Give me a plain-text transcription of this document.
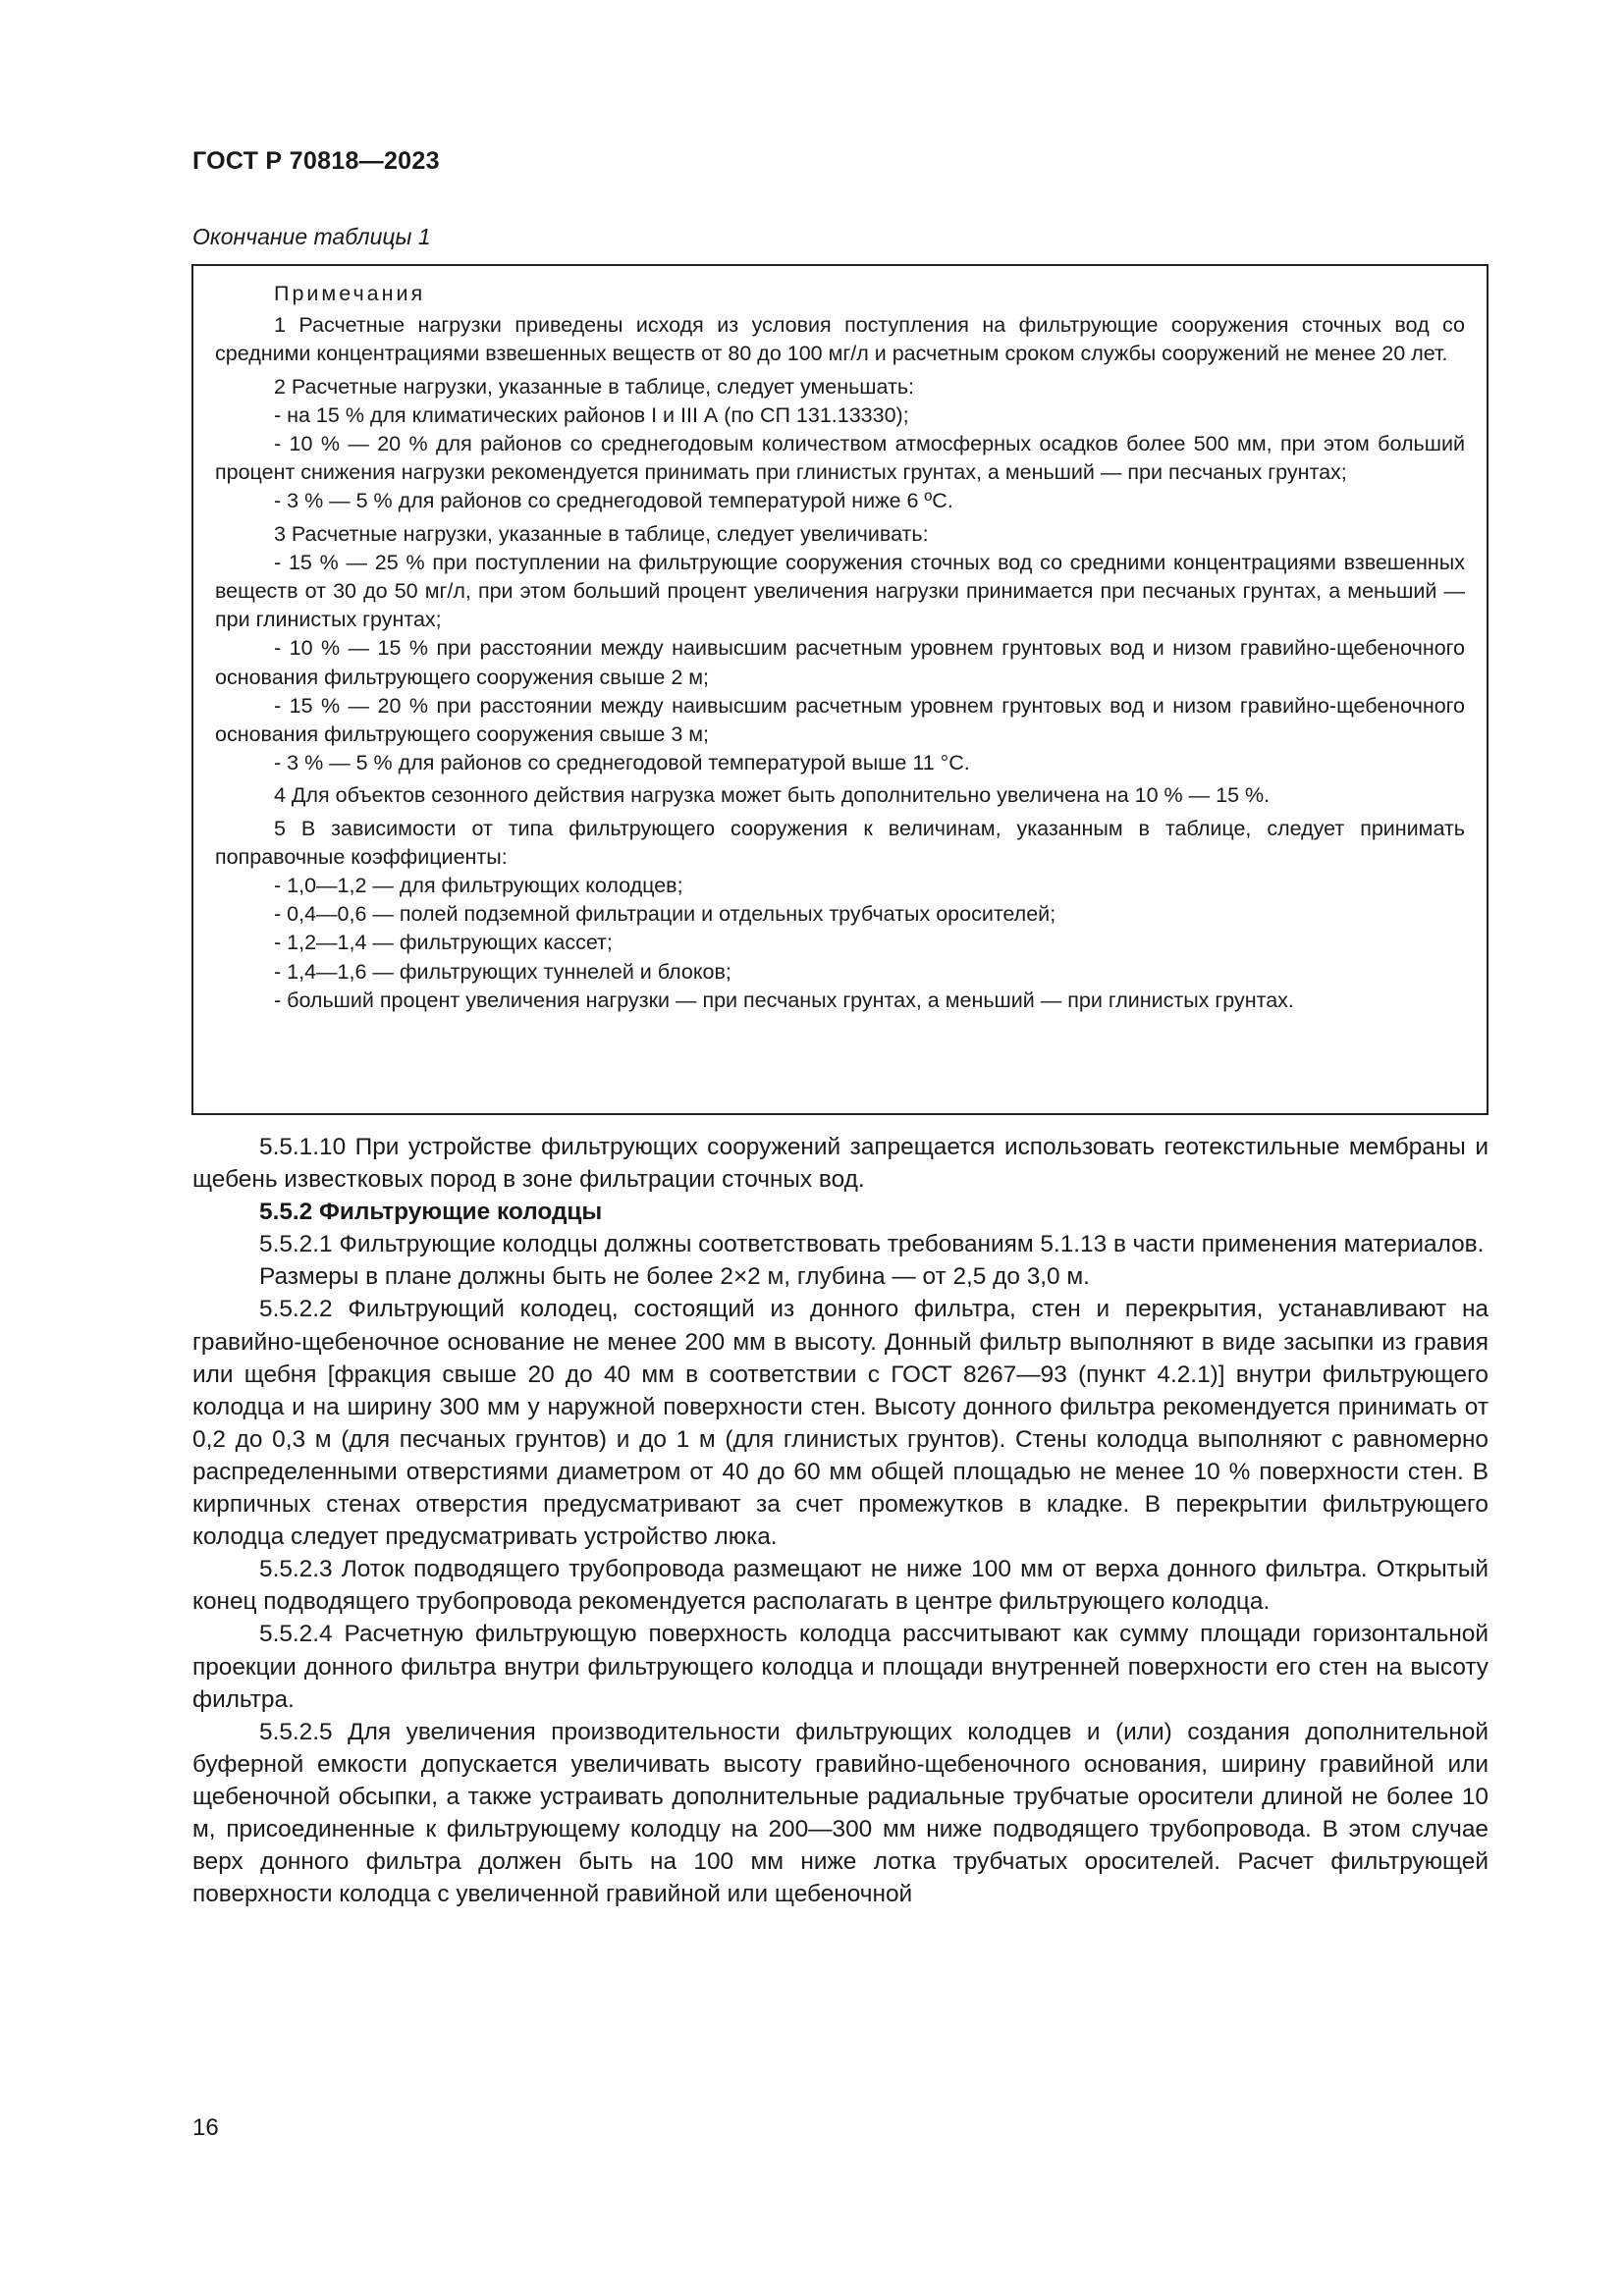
ГОСТ Р 70818—2023
Окончание таблицы 1
Примечания

1 Расчетные нагрузки приведены исходя из условия поступления на фильтрующие сооружения сточных вод со средними концентрациями взвешенных веществ от 80 до 100 мг/л и расчетным сроком службы сооружений не менее 20 лет.

2 Расчетные нагрузки, указанные в таблице, следует уменьшать:

- на 15 % для климатических районов I и III А (по СП 131.13330);

- 10 % — 20 % для районов со среднегодовым количеством атмосферных осадков более 500 мм, при этом больший процент снижения нагрузки рекомендуется принимать при глинистых грунтах, а меньший — при песчаных грунтах;

- 3 % — 5 % для районов со среднегодовой температурой ниже 6 ºС.

3 Расчетные нагрузки, указанные в таблице, следует увеличивать:

- 15 % — 25 % при поступлении на фильтрующие сооружения сточных вод со средними концентрациями взвешенных веществ от 30 до 50 мг/л, при этом больший процент увеличения нагрузки принимается при песчаных грунтах, а меньший — при глинистых грунтах;

- 10 % — 15 % при расстоянии между наивысшим расчетным уровнем грунтовых вод и низом гравийно-щебеночного основания фильтрующего сооружения свыше 2 м;

- 15 % — 20 % при расстоянии между наивысшим расчетным уровнем грунтовых вод и низом гравийно-щебеночного основания фильтрующего сооружения свыше 3 м;

- 3 % — 5 % для районов со среднегодовой температурой выше 11 °С.

4 Для объектов сезонного действия нагрузка может быть дополнительно увеличена на 10 % — 15 %.

5 В зависимости от типа фильтрующего сооружения к величинам, указанным в таблице, следует принимать поправочные коэффициенты:

- 1,0—1,2 — для фильтрующих колодцев;

- 0,4—0,6 — полей подземной фильтрации и отдельных трубчатых оросителей;

- 1,2—1,4 — фильтрующих кассет;

- 1,4—1,6 — фильтрующих туннелей и блоков;

- больший процент увеличения нагрузки — при песчаных грунтах, а меньший — при глинистых грунтах.

5.5.1.10 При устройстве фильтрующих сооружений запрещается использовать геотекстильные мембраны и щебень известковых пород в зоне фильтрации сточных вод.

5.5.2 Фильтрующие колодцы

5.5.2.1 Фильтрующие колодцы должны соответствовать требованиям 5.1.13 в части применения материалов.

Размеры в плане должны быть не более 2×2 м, глубина — от 2,5 до 3,0 м.

5.5.2.2 Фильтрующий колодец, состоящий из донного фильтра, стен и перекрытия, устанавливают на гравийно-щебеночное основание не менее 200 мм в высоту. Донный фильтр выполняют в виде засыпки из гравия или щебня [фракция свыше 20 до 40 мм в соответствии с ГОСТ 8267—93 (пункт 4.2.1)] внутри фильтрующего колодца и на ширину 300 мм у наружной поверхности стен. Высоту донного фильтра рекомендуется принимать от 0,2 до 0,3 м (для песчаных грунтов) и до 1 м (для глинистых грунтов). Стены колодца выполняют с равномерно распределенными отверстиями диаметром от 40 до 60 мм общей площадью не менее 10 % поверхности стен. В кирпичных стенах отверстия предусматривают за счет промежутков в кладке. В перекрытии фильтрующего колодца следует предусматривать устройство люка.

5.5.2.3 Лоток подводящего трубопровода размещают не ниже 100 мм от верха донного фильтра. Открытый конец подводящего трубопровода рекомендуется располагать в центре фильтрующего колодца.

5.5.2.4 Расчетную фильтрующую поверхность колодца рассчитывают как сумму площади горизонтальной проекции донного фильтра внутри фильтрующего колодца и площади внутренней поверхности его стен на высоту фильтра.

5.5.2.5 Для увеличения производительности фильтрующих колодцев и (или) создания дополнительной буферной емкости допускается увеличивать высоту гравийно-щебеночного основания, ширину гравийной или щебеночной обсыпки, а также устраивать дополнительные радиальные трубчатые оросители длиной не более 10 м, присоединенные к фильтрующему колодцу на 200—300 мм ниже подводящего трубопровода. В этом случае верх донного фильтра должен быть на 100 мм ниже лотка трубчатых оросителей. Расчет фильтрующей поверхности колодца с увеличенной гравийной или щебеночной

16
